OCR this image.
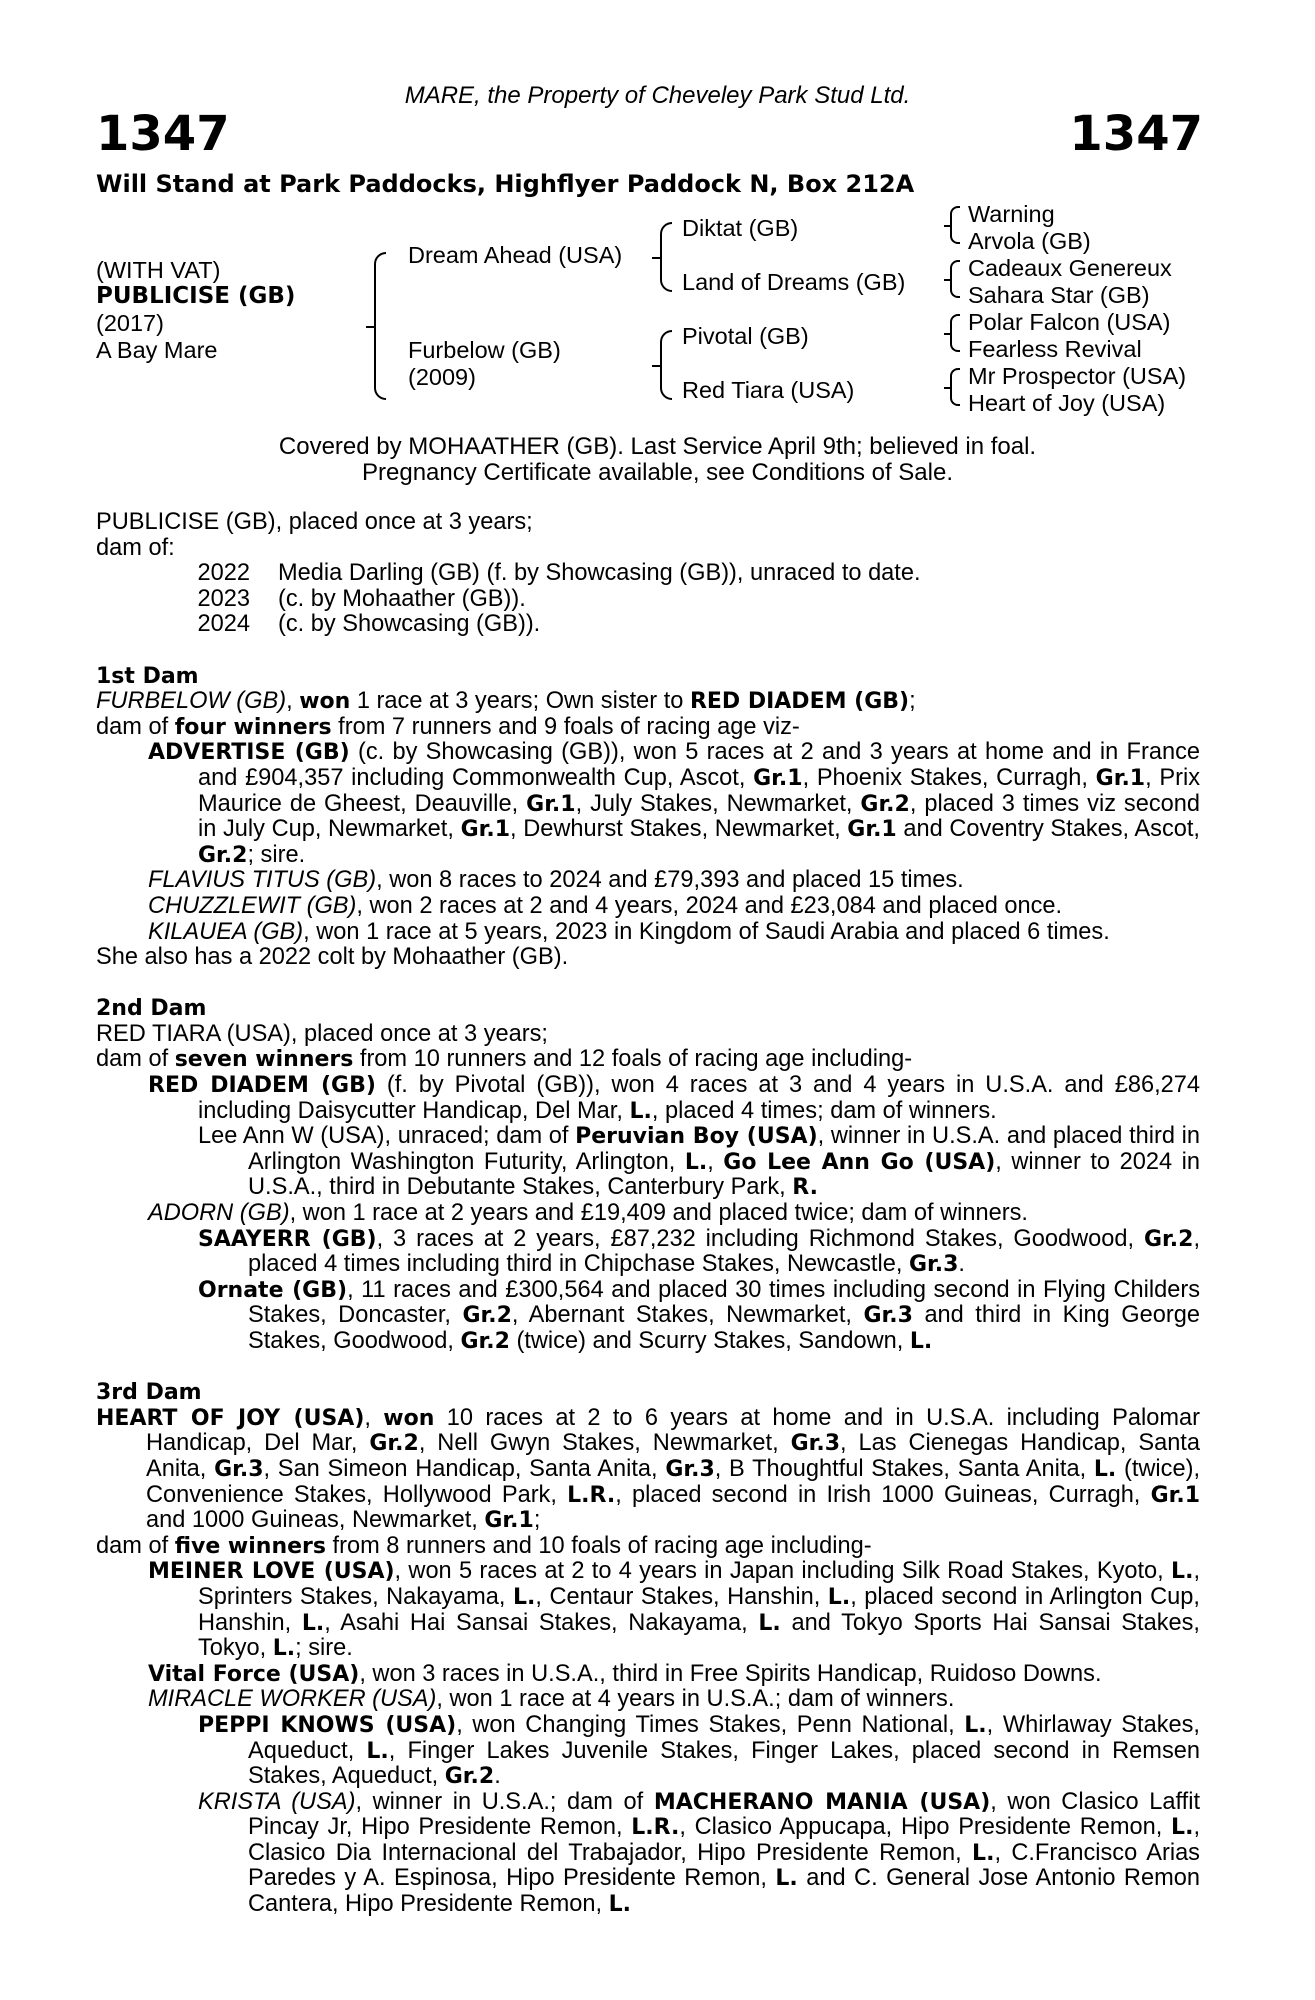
MARE, the Property of Cheveley Park Stud Ltd.
1347	1347
Will Stand at Park Paddocks, Highflyer Paddock N, Box 212A
(WITH VAT)
PUBLICISE (GB)
(2017)
A Bay Mare
Dream Ahead (USA)
Furbelow (GB)
(2009)
Diktat (GB)
Land of Dreams (GB)
Pivotal (GB)
Red Tiara (USA)
Warning
Arvola (GB)
Cadeaux Genereux
Sahara Star (GB)
Polar Falcon (USA)
Fearless Revival
Mr Prospector (USA)
Heart of Joy (USA)
Covered by MOHAATHER (GB). Last Service April 9th; believed in foal.
Pregnancy Certificate available, see Conditions of Sale.

PUBLICISE (GB), placed once at 3 years;

dam of:

2022	Media Darling (GB) (f. by Showcasing (GB)), unraced to date.
2023	(c. by Mohaather (GB)).
2024	(c. by Showcasing (GB)).

1st Dam

FURBELOW (GB), won 1 race at 3 years; Own sister to RED DIADEM (GB);

dam of four winners from 7 runners and 9 foals of racing age viz-

ADVERTISE (GB) (c. by Showcasing (GB)), won 5 races at 2 and 3 years at home and in France and £904,357 including Commonwealth Cup, Ascot, Gr.1, Phoenix Stakes, Curragh, Gr.1, Prix Maurice de Gheest, Deauville, Gr.1, July Stakes, Newmarket, Gr.2, placed 3 times viz second in July Cup, Newmarket, Gr.1, Dewhurst Stakes, Newmarket, Gr.1 and Coventry Stakes, Ascot, Gr.2; sire.

FLAVIUS TITUS (GB), won 8 races to 2024 and £79,393 and placed 15 times.

CHUZZLEWIT (GB), won 2 races at 2 and 4 years, 2024 and £23,084 and placed once.

KILAUEA (GB), won 1 race at 5 years, 2023 in Kingdom of Saudi Arabia and placed 6 times.

She also has a 2022 colt by Mohaather (GB).

2nd Dam

RED TIARA (USA), placed once at 3 years;

dam of seven winners from 10 runners and 12 foals of racing age including-

RED DIADEM (GB) (f. by Pivotal (GB)), won 4 races at 3 and 4 years in U.S.A. and £86,274 including Daisycutter Handicap, Del Mar, L., placed 4 times; dam of winners.

Lee Ann W (USA), unraced; dam of Peruvian Boy (USA), winner in U.S.A. and placed third in Arlington Washington Futurity, Arlington, L., Go Lee Ann Go (USA), winner to 2024 in U.S.A., third in Debutante Stakes, Canterbury Park, R.

ADORN (GB), won 1 race at 2 years and £19,409 and placed twice; dam of winners.

SAAYERR (GB), 3 races at 2 years, £87,232 including Richmond Stakes, Goodwood, Gr.2, placed 4 times including third in Chipchase Stakes, Newcastle, Gr.3.

Ornate (GB), 11 races and £300,564 and placed 30 times including second in Flying Childers Stakes, Doncaster, Gr.2, Abernant Stakes, Newmarket, Gr.3 and third in King George Stakes, Goodwood, Gr.2 (twice) and Scurry Stakes, Sandown, L.

3rd Dam

HEART OF JOY (USA), won 10 races at 2 to 6 years at home and in U.S.A. including Palomar Handicap, Del Mar, Gr.2, Nell Gwyn Stakes, Newmarket, Gr.3, Las Cienegas Handicap, Santa Anita, Gr.3, San Simeon Handicap, Santa Anita, Gr.3, B Thoughtful Stakes, Santa Anita, L. (twice), Convenience Stakes, Hollywood Park, L.R., placed second in Irish 1000 Guineas, Curragh, Gr.1 and 1000 Guineas, Newmarket, Gr.1;

dam of five winners from 8 runners and 10 foals of racing age including-

MEINER LOVE (USA), won 5 races at 2 to 4 years in Japan including Silk Road Stakes, Kyoto, L., Sprinters Stakes, Nakayama, L., Centaur Stakes, Hanshin, L., placed second in Arlington Cup, Hanshin, L., Asahi Hai Sansai Stakes, Nakayama, L. and Tokyo Sports Hai Sansai Stakes, Tokyo, L.; sire.

Vital Force (USA), won 3 races in U.S.A., third in Free Spirits Handicap, Ruidoso Downs.

MIRACLE WORKER (USA), won 1 race at 4 years in U.S.A.; dam of winners.

PEPPI KNOWS (USA), won Changing Times Stakes, Penn National, L., Whirlaway Stakes, Aqueduct, L., Finger Lakes Juvenile Stakes, Finger Lakes, placed second in Remsen Stakes, Aqueduct, Gr.2.

KRISTA (USA), winner in U.S.A.; dam of MACHERANO MANIA (USA), won Clasico Laffit Pincay Jr, Hipo Presidente Remon, L.R., Clasico Appucapa, Hipo Presidente Remon, L., Clasico Dia Internacional del Trabajador, Hipo Presidente Remon, L., C.Francisco Arias Paredes y A. Espinosa, Hipo Presidente Remon, L. and C. General Jose Antonio Remon Cantera, Hipo Presidente Remon, L.
